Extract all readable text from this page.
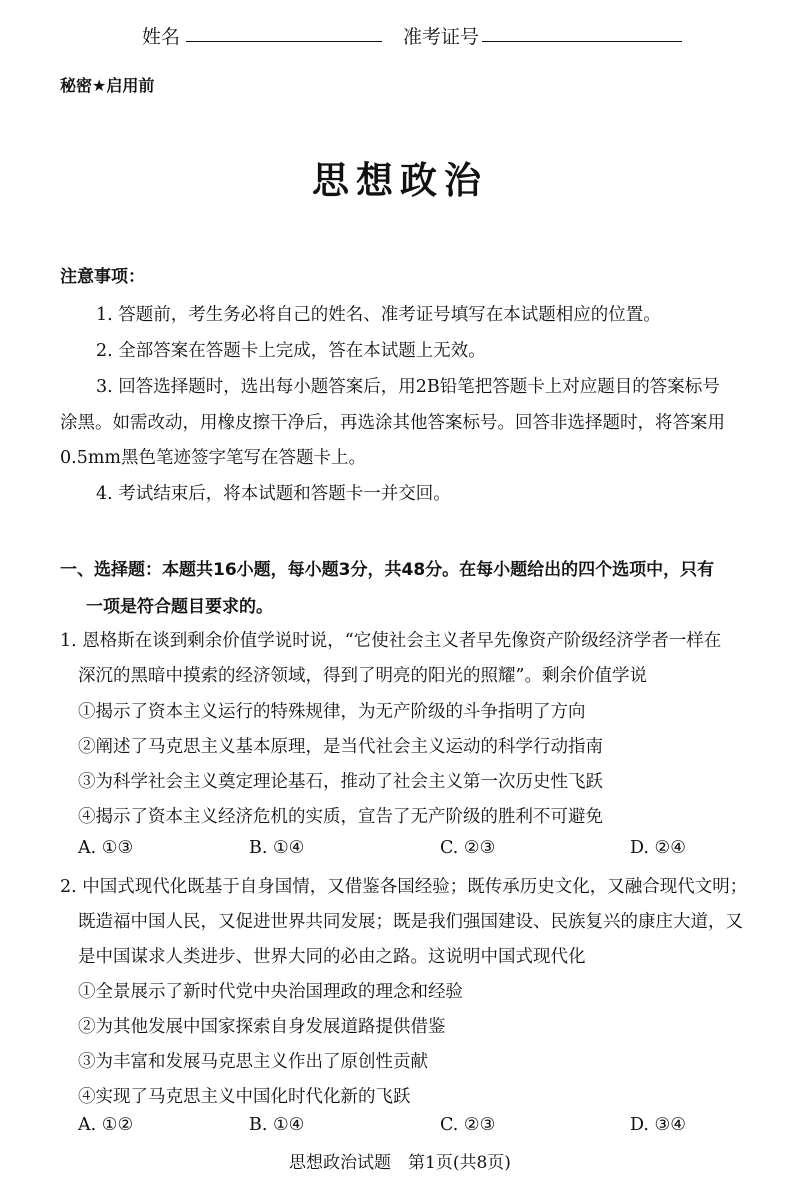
姓名	准考证号
秘密★启用前
思想政治
注意事项：
1. 答题前，考生务必将自己的姓名、准考证号填写在本试题相应的位置。
2. 全部答案在答题卡上完成，答在本试题上无效。
3. 回答选择题时，选出每小题答案后，用2B铅笔把答题卡上对应题目的答案标号
涂黑。如需改动，用橡皮擦干净后，再选涂其他答案标号。回答非选择题时，将答案用
0.5mm黑色笔迹签字笔写在答题卡上。
4. 考试结束后，将本试题和答题卡一并交回。
一、选择题：本题共16小题，每小题3分，共48分。在每小题给出的四个选项中，只有
一项是符合题目要求的。
1. 恩格斯在谈到剩余价值学说时说，“它使社会主义者早先像资产阶级经济学者一样在
深沉的黑暗中摸索的经济领域，得到了明亮的阳光的照耀”。剩余价值学说
①揭示了资本主义运行的特殊规律，为无产阶级的斗争指明了方向
②阐述了马克思主义基本原理，是当代社会主义运动的科学行动指南
③为科学社会主义奠定理论基石，推动了社会主义第一次历史性飞跃
④揭示了资本主义经济危机的实质，宣告了无产阶级的胜利不可避免
A. ①③	B. ①④	C. ②③	D. ②④
2. 中国式现代化既基于自身国情，又借鉴各国经验；既传承历史文化，又融合现代文明；
既造福中国人民，又促进世界共同发展；既是我们强国建设、民族复兴的康庄大道，又
是中国谋求人类进步、世界大同的必由之路。这说明中国式现代化
①全景展示了新时代党中央治国理政的理念和经验
②为其他发展中国家探索自身发展道路提供借鉴
③为丰富和发展马克思主义作出了原创性贡献
④实现了马克思主义中国化时代化新的飞跃
A. ①②	B. ①④	C. ②③	D. ③④
思想政治试题　第1页(共8页)
